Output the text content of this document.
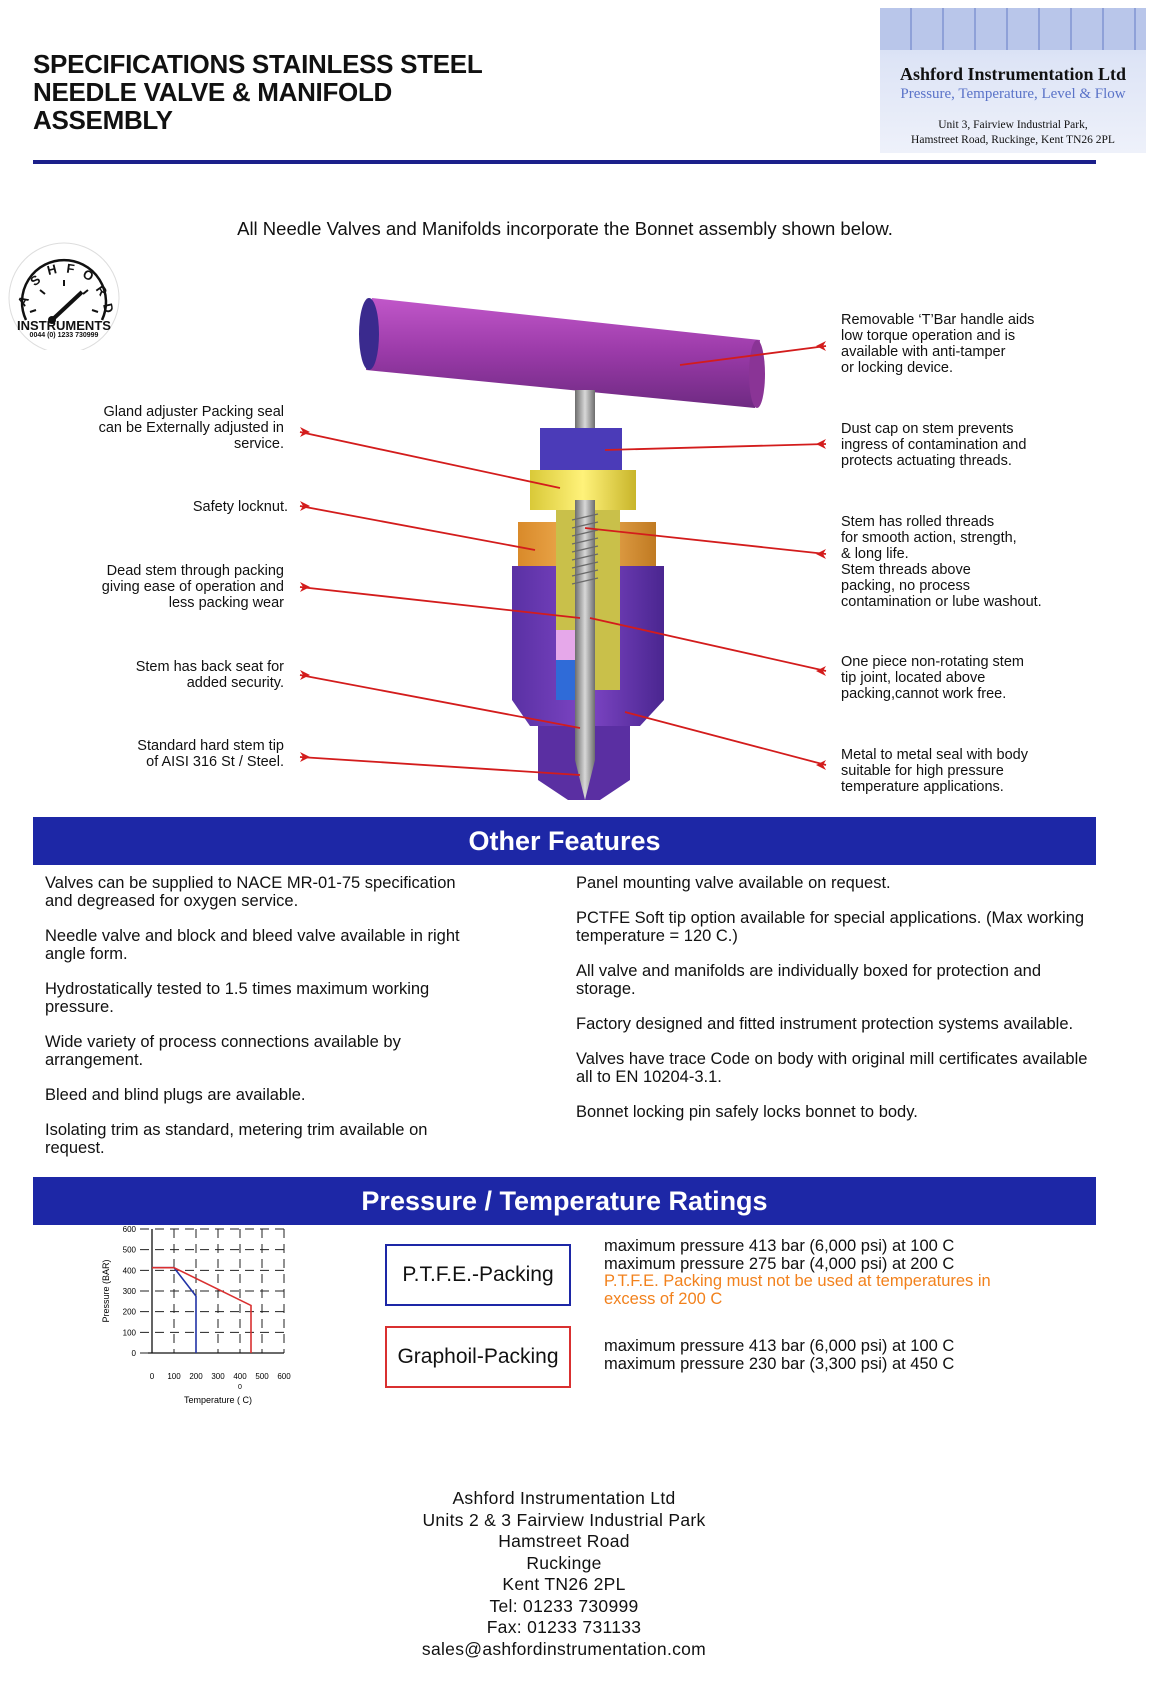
SPECIFICATIONS STAINLESS STEEL
NEEDLE VALVE & MANIFOLD
ASSEMBLY
Ashford Instrumentation Ltd
Pressure, Temperature, Level & Flow
Unit 3, Fairview Industrial Park,
Hamstreet Road, Ruckinge, Kent TN26 2PL
All Needle Valves and Manifolds incorporate the Bonnet assembly shown below.
A
S
H F O
R
D
INSTRUMENTS
0044 (0) 1233 730999
Gland adjuster Packing seal
can be Externally adjusted in
service.
Safety locknut.
Dead stem through packing
giving ease of operation and
less packing wear
Stem has back seat for
added security.
Standard hard stem tip
of AISI 316 St / Steel.
Removable ‘T’Bar handle aids
low torque operation and is
available with anti-tamper
or locking device.
Dust cap on stem prevents
ingress of contamination and
protects actuating threads.
Stem has rolled threads
for smooth action, strength,
& long life.
Stem threads above
packing, no process
contamination or lube washout.
One piece non-rotating stem
tip joint, located above
packing,cannot work free.
Metal to metal seal with body
suitable for high pressure
temperature applications.
Other Features

Valves can be supplied to NACE MR-01-75 specification and degreased for oxygen service.

Needle valve and block and bleed valve available in right angle form.

Hydrostatically tested to 1.5 times maximum working pressure.

Wide variety of process connections available by arrangement.

Bleed and blind plugs are available.

Isolating trim as standard, metering trim available on request.

Panel mounting valve available on request.

PCTFE Soft tip option available for special applications. (Max working temperature = 120 C.)

All valve and manifolds are individually boxed for protection and storage.

Factory designed and fitted instrument protection systems available.

Valves have trace Code on body with original mill certificates available all to EN 10204-3.1.

Bonnet locking pin safely locks bonnet to body.

Pressure / Temperature Ratings
0
100
200
300
400
500
600
0 100 200 300 400 500 600
Pressure (BAR)
Temperature ( C)
0
P.T.F.E.-Packing
Graphoil-Packing
maximum pressure 413 bar (6,000 psi) at 100 C
maximum pressure 275 bar (4,000 psi) at 200 C
P.T.F.E. Packing must not be used at temperatures in
excess of 200 C
maximum pressure 413 bar (6,000 psi) at 100 C
maximum pressure 230 bar (3,300 psi) at 450 C
Ashford Instrumentation Ltd
Units 2 & 3 Fairview Industrial Park
Hamstreet Road
Ruckinge
Kent TN26 2PL
Tel: 01233 730999
Fax: 01233 731133
sales@ashfordinstrumentation.com
